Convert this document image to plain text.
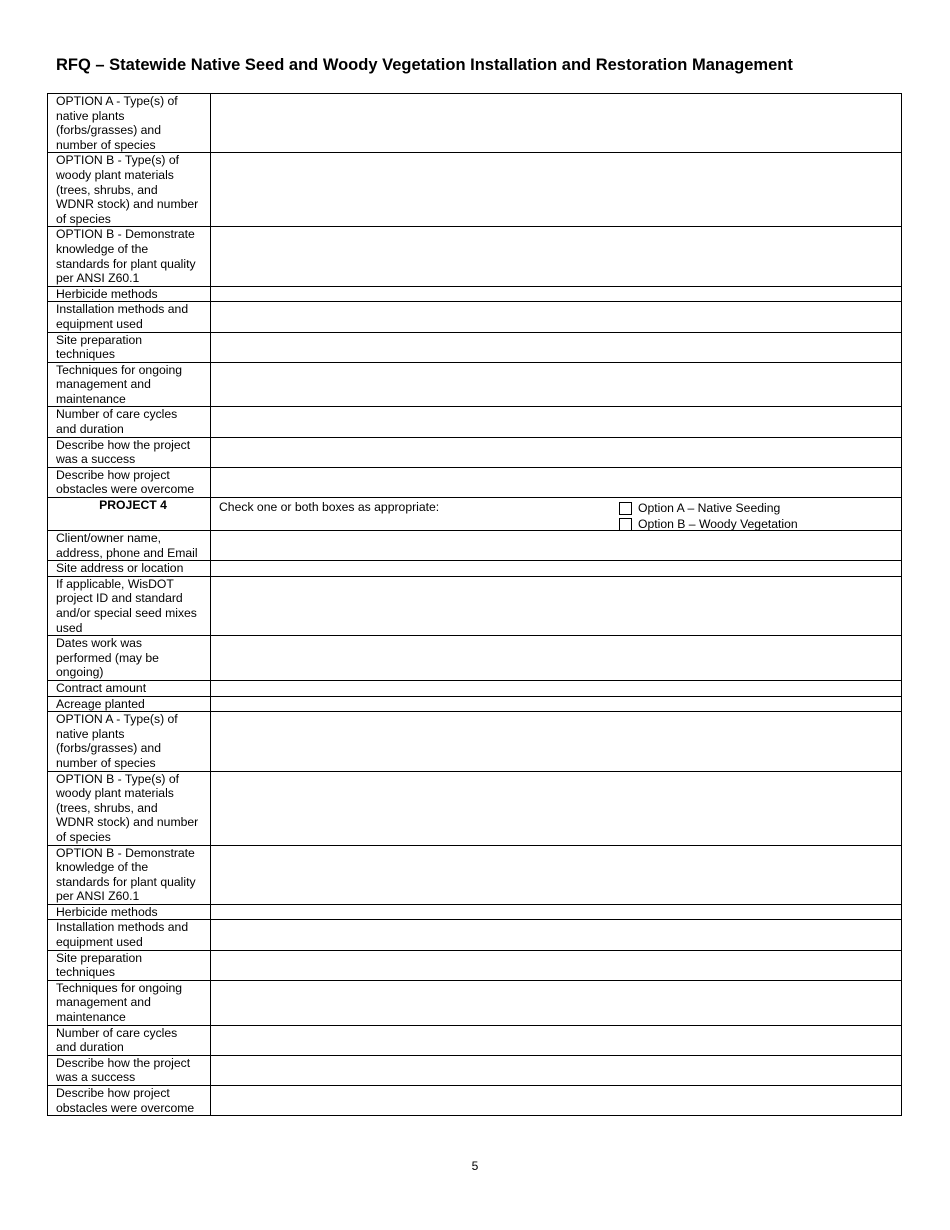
RFQ – Statewide Native Seed and Woody Vegetation Installation and Restoration Management
OPTION A - Type(s) of
native plants
(forbs/grasses) and
number of species

OPTION B - Type(s) of
woody plant materials
(trees, shrubs, and
WDNR stock) and number
of species

OPTION B - Demonstrate
knowledge of the
standards for plant quality
per ANSI Z60.1

Herbicide methods

Installation methods and
equipment used

Site preparation
techniques

Techniques for ongoing
management and
maintenance

Number of care cycles
and duration

Describe how the project
was a success

Describe how project
obstacles were overcome

PROJECT 4	Check one or both boxes as appropriate: Option A – Native Seeding
Option B – Woody Vegetation

Client/owner name,
address, phone and Email

Site address or location

If applicable, WisDOT
project ID and standard
and/or special seed mixes
used

Dates work was
performed (may be
ongoing)

Contract amount

Acreage planted

OPTION A - Type(s) of
native plants
(forbs/grasses) and
number of species

OPTION B - Type(s) of
woody plant materials
(trees, shrubs, and
WDNR stock) and number
of species

OPTION B - Demonstrate
knowledge of the
standards for plant quality
per ANSI Z60.1

Herbicide methods

Installation methods and
equipment used

Site preparation
techniques

Techniques for ongoing
management and
maintenance

Number of care cycles
and duration

Describe how the project
was a success

Describe how project
obstacles were overcome

5
